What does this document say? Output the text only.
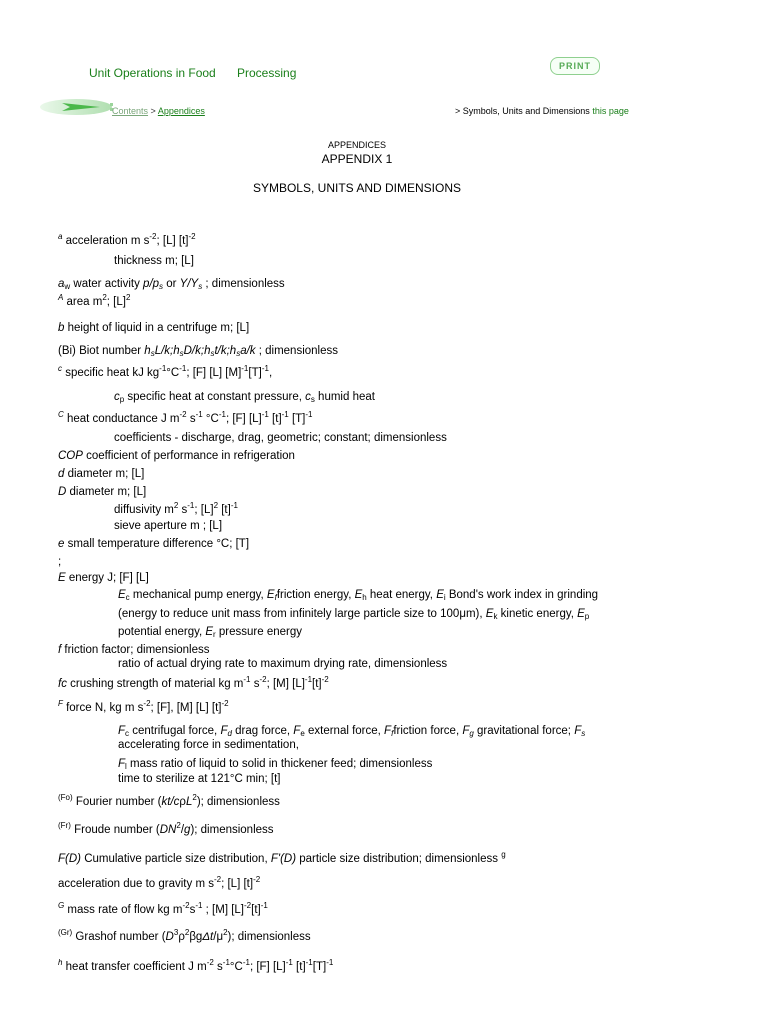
Unit Operations in Food Processing	PRINT
Contents > Appendices	> Symbols, Units and Dimensions this page
APPENDICES
APPENDIX 1
SYMBOLS, UNITS AND DIMENSIONS
$^a$ acceleration m $s^{-2}$; [L] $[t]^{-2}$
thickness m; [L]
$a_w$ water activity $p/p_s$ or $Y/Y_s$ ; dimensionless
$^A$ area $m^2$; $[L]^2$
b height of liquid in a centrifuge m; [L]
(Bi) Biot number $h_sL/k;h_sD/k;h_st/k;h_sa/k$ ; dimensionless
$^c$ specific heat kJ $kg^{-1}^\circ C^{-1}$; [F] [L] $[M]^{-1}[T]^{-1}$,
$c_p$ specific heat at constant pressure, $c_s$ humid heat
$^C$ heat conductance J $m^{-2}$ $s^{-1}$ $^\circ C^{-1}$; [F] $[L]^{-1}$ $[t]^{-1}$ $[T]^{-1}$
coefficients - discharge, drag, geometric; constant; dimensionless
COP coefficient of performance in refrigeration
d diameter m; [L]
D diameter m; [L]
diffusivity $m^2$ $s^{-1}$; $[L]^2$ $[t]^{-1}$
sieve aperture m ; [L]
e small temperature difference °C; [T]
;
E energy J; [F] [L]
$E_c$ mechanical pump energy, $E_ffriction$ energy, $E_h$ heat energy, $E_i$ Bond's work index in grinding
(energy to reduce unit mass from infinitely large particle size to 100μm), $E_k$ kinetic energy, $E_p$
potential energy, $E_r$ pressure energy
f friction factor; dimensionless
ratio of actual drying rate to maximum drying rate, dimensionless
fc crushing strength of material kg $m^{-1}$ $s^{-2}$; [M] $[L]^{-1}[t]^{-2}$
$^F$ force N, kg m $s^{-2}$; [F], [M] [L] $[t]^{-2}$
$F_c$ centrifugal force, $F_d$ drag force, $F_e$ external force, $F_ffriction$ force, $F_g$ gravitational force; $F_s$
accelerating force in sedimentation,
$F_l$ mass ratio of liquid to solid in thickener feed; dimensionless
time to sterilize at 121°C min; [t]
$^{(Fo)}$ Fourier number (kt/cρL$^2$); dimensionless
$^{(Fr)}$ Froude number $(DN^2/g)$; dimensionless
F(D) Cumulative particle size distribution, F'(D) particle size distribution; dimensionless $^g$
acceleration due to gravity m $s^{-2}$; [L] $[t]^{-2}$
$^G$ mass rate of flow kg $m^{-2}s^{-1}$ ; [M] $[L]^{-2}[t]^{-1}$
$^{(Gr)}$ Grashof number $(D^3\rho^2\beta g\Delta t/\mu^2)$; dimensionless
$^h$ heat transfer coefficient J $m^{-2}$ $s^{-1}^\circ C^{-1}$; [F] $[L]^{-1}$ $[t]^{-1}[T]^{-1}$
